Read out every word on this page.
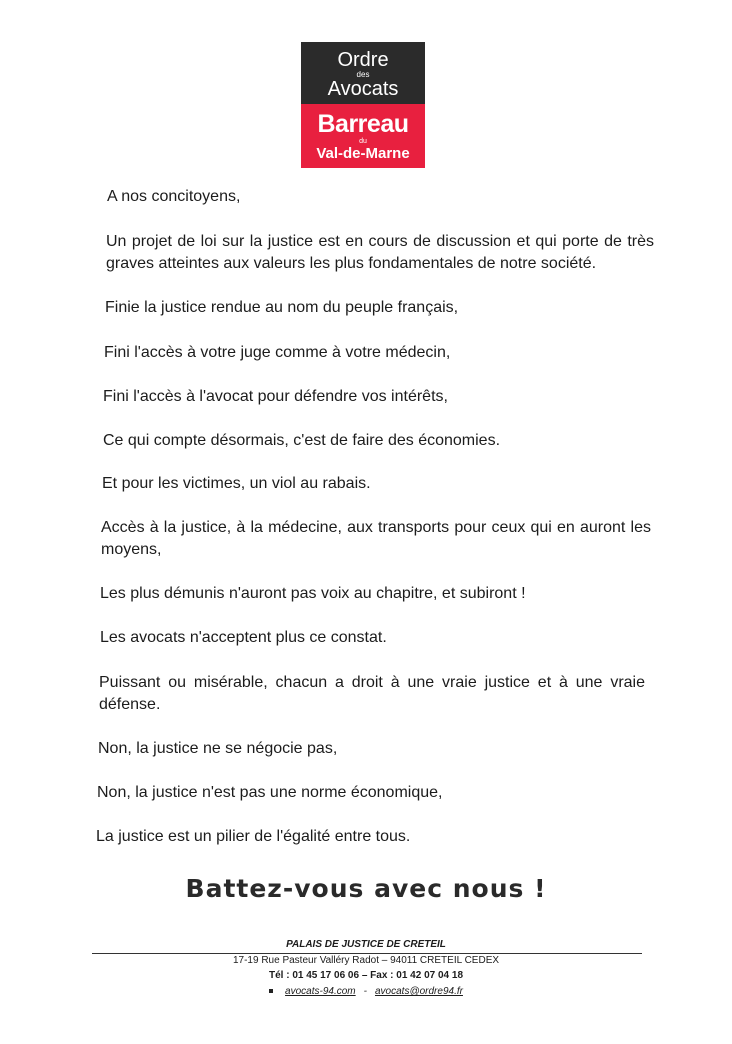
Ordre
des
Avocats
Barreau
du
Val-de-Marne

A nos concitoyens,

Un projet de loi sur la justice est en cours de discussion et qui porte de très graves atteintes aux valeurs les plus fondamentales de notre société.

Finie la justice rendue au nom du peuple français,

Fini l'accès à votre juge comme à votre médecin,

Fini l'accès à l'avocat pour défendre vos intérêts,

Ce qui compte désormais, c'est de faire des économies.

Et pour les victimes, un viol au rabais.

Accès à la justice, à la médecine, aux transports pour ceux qui en auront les moyens,

Les plus démunis n'auront pas voix au chapitre, et subiront !

Les avocats n'acceptent plus ce constat.

Puissant ou misérable, chacun a droit à une vraie justice et à une vraie défense.

Non, la justice ne se négocie pas,

Non, la justice n'est pas une norme économique,

La justice est un pilier de l'égalité entre tous.

Battez-vous avec nous !
PALAIS DE JUSTICE DE CRETEIL
17-19 Rue Pasteur Valléry Radot – 94011 CRETEIL CEDEX
Tél : 01 45 17 06 06 – Fax : 01 42 07 04 18
avocats-94.com - avocats@ordre94.fr
